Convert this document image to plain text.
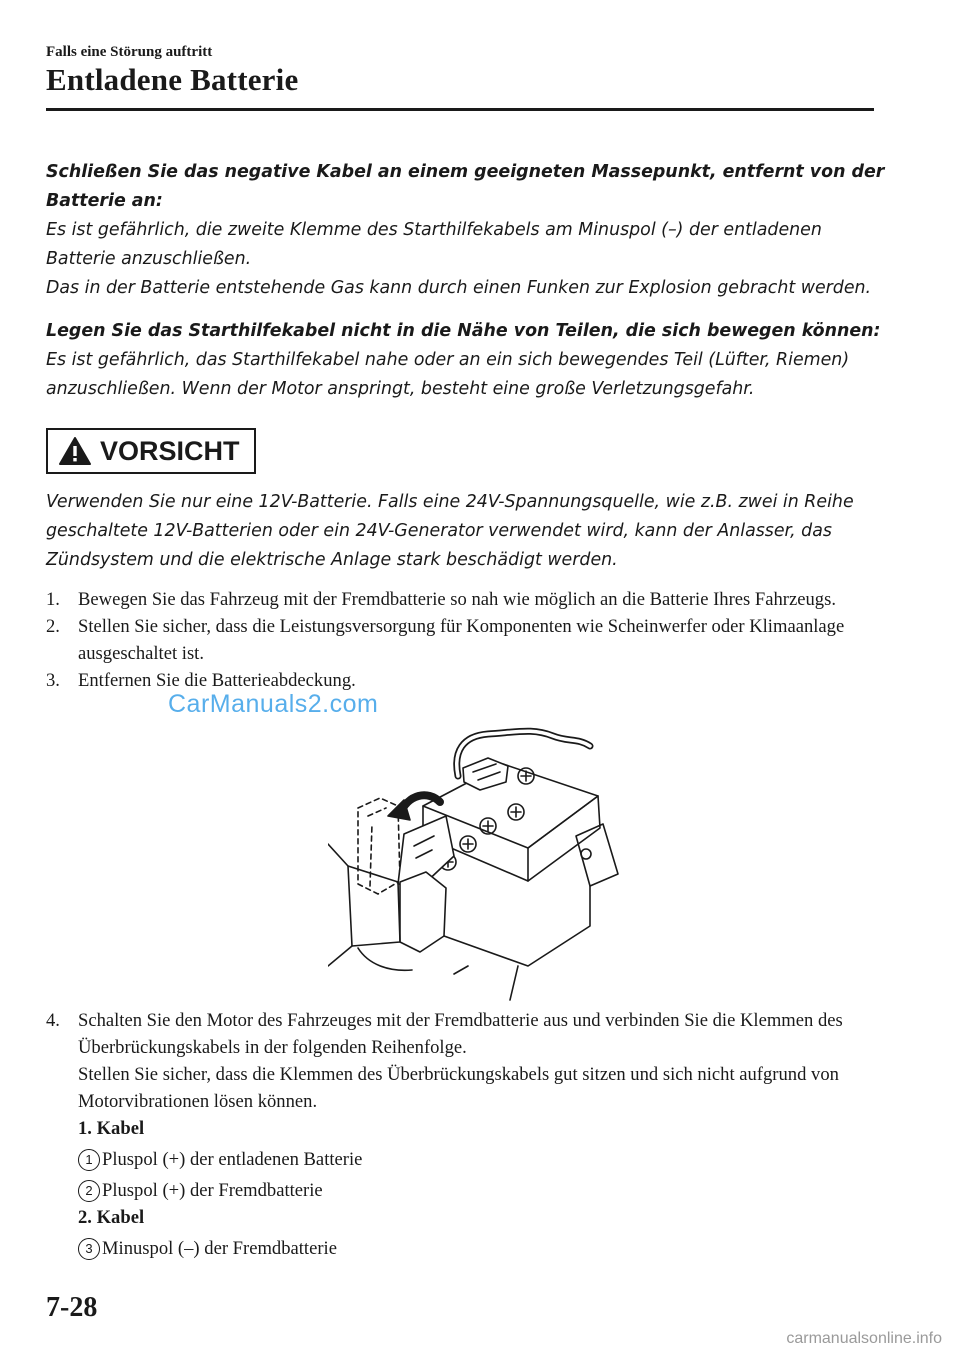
Falls eine Störung auftritt
Entladene Batterie

Schließen Sie das negative Kabel an einem geeigneten Massepunkt, entfernt von der Batterie an:

Es ist gefährlich, die zweite Klemme des Starthilfekabels am Minuspol (–) der entladenen Batterie anzuschließen.

Das in der Batterie entstehende Gas kann durch einen Funken zur Explosion gebracht werden.

Legen Sie das Starthilfekabel nicht in die Nähe von Teilen, die sich bewegen können:

Es ist gefährlich, das Starthilfekabel nahe oder an ein sich bewegendes Teil (Lüfter, Riemen) anzuschließen. Wenn der Motor anspringt, besteht eine große Verletzungsgefahr.

VORSICHT

Verwenden Sie nur eine 12V-Batterie. Falls eine 24V-Spannungsquelle, wie z.B. zwei in Reihe geschaltete 12V-Batterien oder ein 24V-Generator verwendet wird, kann der Anlasser, das Zündsystem und die elektrische Anlage stark beschädigt werden.

1. Bewegen Sie das Fahrzeug mit der Fremdbatterie so nah wie möglich an die Batterie Ihres Fahrzeugs.
2. Stellen Sie sicher, dass die Leistungsversorgung für Komponenten wie Scheinwerfer oder Klimaanlage ausgeschaltet ist.
3. Entfernen Sie die Batterieabdeckung.
CarManuals2.com
4. Schalten Sie den Motor des Fahrzeuges mit der Fremdbatterie aus und verbinden Sie die Klemmen des Überbrückungskabels in der folgenden Reihenfolge.
Stellen Sie sicher, dass die Klemmen des Überbrückungskabels gut sitzen und sich nicht aufgrund von Motorvibrationen lösen können.
1. Kabel
1 Pluspol (+) der entladenen Batterie
2 Pluspol (+) der Fremdbatterie
2. Kabel
3 Minuspol (–) der Fremdbatterie
7-28
carmanualsonline.info
